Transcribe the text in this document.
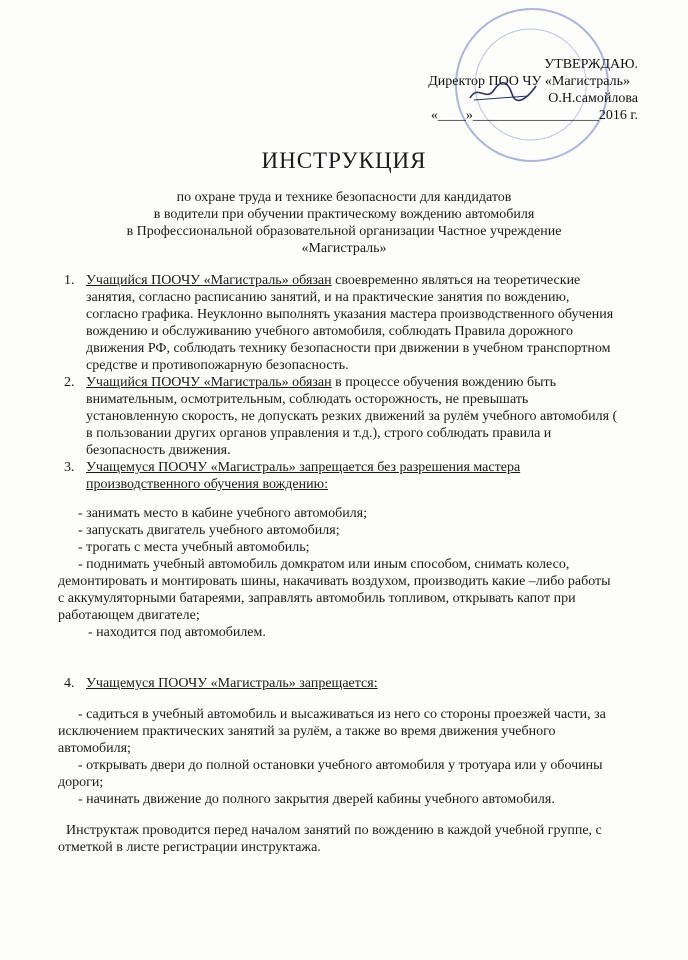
УТВЕРЖДАЮ.
Директор ПОО ЧУ «Магистраль»
О.Н.самойлова
«____»__________________2016 г.
ИНСТРУКЦИЯ
по охране труда и технике безопасности для кандидатов
в водители при обучении практическому вождению автомобиля
в Профессиональной образовательной организации Частное учреждение
«Магистраль»

1. Учащийся ПООЧУ «Магистраль» обязан своевременно являться на теоретические занятия, согласно расписанию занятий, и на практические занятия по вождению, согласно графика. Неуклонно выполнять указания мастера производственного обучения вождению и обслуживанию учебного автомобиля, соблюдать Правила дорожного движения РФ, соблюдать технику безопасности при движении в учебном транспортном средстве и противопожарную безопасность.

2. Учащийся ПООЧУ «Магистраль» обязан в процессе обучения вождению быть внимательным, осмотрительным, соблюдать осторожность, не превышать установленную скорость, не допускать резких движений за рулём учебного автомобиля ( в пользовании других органов управления и т.д.), строго соблюдать правила и безопасность движения.

3. Учащемуся ПООЧУ «Магистраль» запрещается без разрешения мастера производственного обучения вождению:

- занимать место в кабине учебного автомобиля;

- запускать двигатель учебного автомобиля;

- трогать с места учебный автомобиль;

- поднимать учебный автомобиль домкратом или иным способом, снимать колесо, демонтировать и монтировать шины, накачивать воздухом, производить какие –либо работы с аккумуляторными батареями, заправлять автомобиль топливом, открывать капот при работающем двигателе;

- находится под автомобилем.

4. Учащемуся ПООЧУ «Магистраль» запрещается:

- садиться в учебный автомобиль и высаживаться из него со стороны проезжей части, за исключением практических занятий за рулём, а также во время движения учебного автомобиля;

- открывать двери до полной остановки учебного автомобиля у тротуара или у обочины дороги;

- начинать движение до полного закрытия дверей кабины учебного автомобиля.

Инструктаж проводится перед началом занятий по вождению в каждой учебной группе, с отметкой в листе регистрации инструктажа.
